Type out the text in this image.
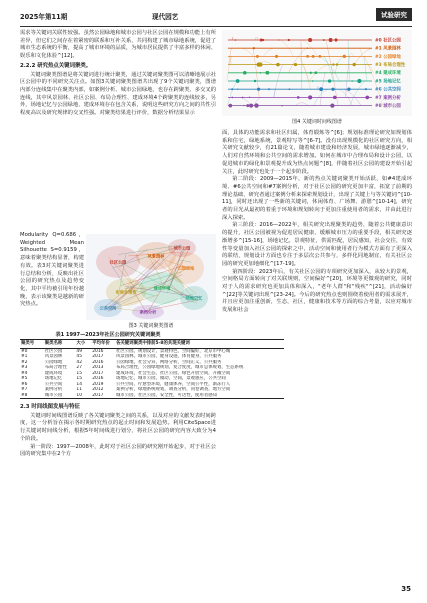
2025年第11期	现代园艺	试验研究

需求等关键词关联性较强。虽然公园绿地和城市公园与社区公园在规模和功能上有所差异，但它们之间存在着紧密的联系和互补关系，共同构建了城市绿地系统，促进了城市生态系统的平衡，提高了城市环境的品质，为城市居民提供了丰富多样的休闲、娱乐和文化体验^[12]。

2.2.2 研究热点关键词聚类。

关键词聚类图谱是将关键词进行统计聚类，通过关键词聚类图可以清晰地展示社区公园中的不同研究关注点。如图3关键词聚类图谱共出现了9个关键词聚类，图谱内部分连线集中在聚类内部，如案例分析、城市公园绿地，也存在跨聚类、多交叉的连线，其中风景园林、社区公园、布局合理性、建成环境4个跨聚类的连线较多，另外，场地记忆与公园绿地、建成环境存在包含关系，说明这些研究方向之间的共性引程度高以及研究规律的交叉性强。对聚类结果进行评价，数据分析结果显示

Modularity Q=0.686，Weighted Mean Silhouette S=0.9159，意味着聚类结构显著，构建有效。表3对关键词聚类进行总结和分析，反映出社区公园的研究热点及趋势变化，其中平均被引用年份越晚，表示该聚类是越新的研究热点。

社区公园
风景园林
公园绿地
布局合理性
建成环境
场地记忆
公共空间
案例分析
城市公园
图3 关键词聚类图谱
表1 1997—2023年社区公园研究关键词聚类
聚类号	聚类名称	大小	平均年份	各关键词聚类中排前5-8的共现关键词
#0	社区公园	49	2016	社区公园，规划设计，景观特色，空间偏好，北京市中心城
#1	风景园林	45	2017	风景园林，城市公园，健身设施，体育健身，公共服务
#2	公园绿地	42	2016	公园绿地，社会分异，网络分析，空间正义，公共服务
#3	布局合理性	27	2013	布局合理性，公园绿地规划，复合度度，城市总体规划，生态系统
#4	建成环境	15	2017	建成环境，社会生态，社区公园，绿色开放空间，开敞空间
#5	场地记忆	15	2016	场地记忆，城市公园，微动，空间，景观感应，公共空间
#6	公共空间	14	2019	公共空间，疗愈型环境，健康体养，空间公平性，渐冻行人
#7	案例分析	11	2012	案例分析，绿地系统规划，调查分析，问卷调查，地方空间
#8	城市公园	10	2017	城市公园，社区公园，安全性，可达性，使用者感知
2.3 时间线图发展与特征

关键词时间线图谱反映了各关键词聚类之间的关系，以及对应的文献发表时间跨度，这一分析旨在揭示各时期研究热点的起止时间和发展趋势。利用CiteSpace进行关键词时间线分析，根据5年时间线进行划分，将社区公园的研究内容大致分为4个阶段。

第一阶段：1997—2008年，此时对于社区公园的研究刚开始起步，对于社区公园的研究集中在2个方

#0 社区公园
#1 风景园林
#2 公园绿地
#3 布局合理性
#4 建成环境
#5 场地记忆
#6 公共空间
#7 案例分析
#8 城市公园
图4 关键词时间线图谱

面，具体的功能需求和社区归属，体育锻炼等^[6]；规划标准理论研究如规划体系和住宅，绿地系统，景观特写等^[6-7]。没有出现规模化的社区研究方向，相关研究文献较少，有21篇论文，随着城市建设和经济发展，城市绿地逐渐减少，人们对自然环境和公共空间的需求增加。如何在城市中合理布局和设计公园，以促进城市的绿化和景观提升成为热点问题^[8]，伴随着社区公园的建设开始引起关注，此时研究也处于一个起步阶段。

第二阶段：2009—2015年，新的热点关键词聚类开始活跃，如#4建成环境、#6公共空间和#7案例分析，对于社区公园的研究更加丰富，拓宽了前期的理论基础，研究者通过案例分析来探索规划设计，出现了关键上与等关键词^[10-11]，同时还出现了一些新的关键词，休闲体育、广场舞、游憩^[10-14]，研究者的目光从最初的着重于环境和规划转向于更加注重使用者的需求，并由此进行深入探索。

第三阶段：2016—2022年，相关研究出现聚类的趋势，随着公共健康意识的提升，社区公园被视为促进居民健康，缓解城市压力的重要手段，相关研究逐渐增多^[15-16]，场地记忆，景观特征，供需匹配，居民感知，社会交往，有效性等变量加入社区公园的探索之中，活动空间和使用者行为模式方面有了更深入的联结，规划设计方面也专注于多层次公共参与，多样化同地制宜，有关社区公园的研究更加地细化^[17-19]。

第四阶段：2023年后，有关社区公园的专项研究更加深入，从较大的景观，空间格局方面转向了对关联规则，空间偏好^[20]，环境等更微观的研究，同时对于人的需求研究也更加具体和深入，"老年人群"和"残疾"^[21]，活动偏好^[22]等关键词出现^[23-24]。今后的研究热点也则围绕着使用者的需求展开，并且应更加注重创新，生态，社区，健康和技术等方面的综合考量，以应对城市发展和社会

35
